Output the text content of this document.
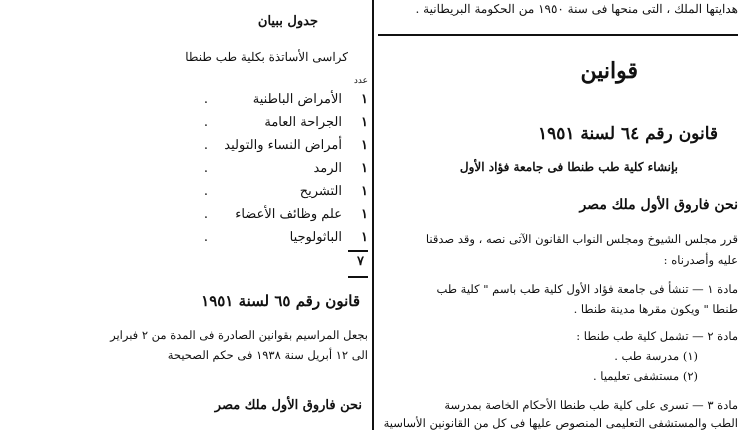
هدايتها الملك ، التى منحها فى سنة ١٩٥٠ من الحكومة البريطانية .
قوانين
قانون رقم ٦٤ لسنة ١٩٥١
بإنشاء كلية طب طنطا فى جامعة فؤاد الأول
نحن فاروق الأول ملك مصر
قرر مجلس الشيوخ ومجلس النواب القانون الآتى نصه ، وقد صدقنا
عليه وأصدرناه :
مادة ١ — تنشأ فى جامعة فؤاد الأول كلية طب باسم " كلية طب
طنطا " ويكون مقرها مدينة طنطا .
مادة ٢ — تشمل كلية طب طنطا :
(١) مدرسة طب .
(٢) مستشفى تعليميا .
مادة ٣ — تسرى على كلية طب طنطا الأحكام الخاصة بمدرسة
الطب والمستشفى التعليمى المنصوص عليها فى كل من القانونين الأساسية
جدول ببيان
كراسى الأساتذة بكلية طب طنطا
عدد
١
الأمراض الباطنية
.
١
الجراحة العامة
.
١
أمراض النساء والتوليد
.
١
الرمد
.
١
التشريح
.
١
علم وظائف الأعضاء
.
١
الباثولوجيا
.
٧
قانون رقم ٦٥ لسنة ١٩٥١
بجعل المراسيم بقوانين الصادرة فى المدة من ٢ فبراير
الى ١٢ أبريل سنة ١٩٣٨ فى حكم الصحيحة
نحن فاروق الأول ملك مصر
